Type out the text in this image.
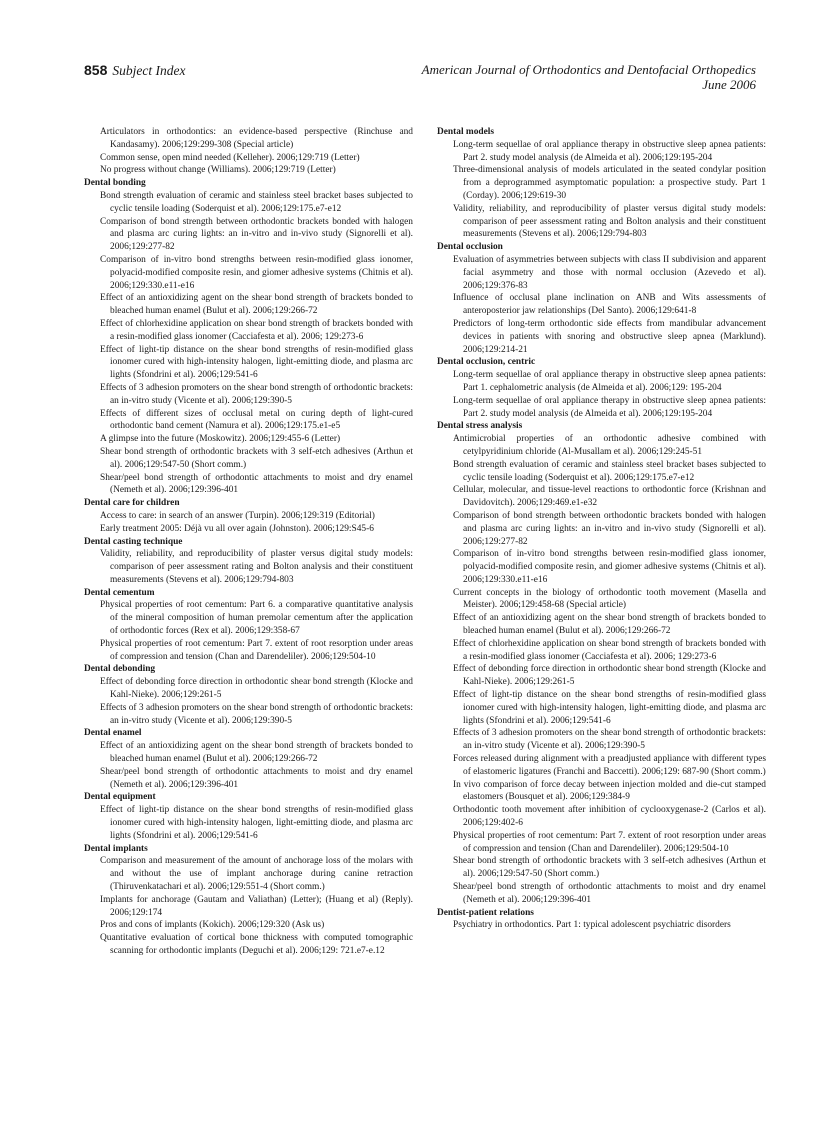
858 Subject Index	American Journal of Orthodontics and Dentofacial Orthopedics
June 2006

Articulators in orthodontics: an evidence-based perspective (Rinchuse and Kandasamy). 2006;129:299-308 (Special article)

Common sense, open mind needed (Kelleher). 2006;129:719 (Letter)

No progress without change (Williams). 2006;129:719 (Letter)

Dental bonding

Bond strength evaluation of ceramic and stainless steel bracket bases subjected to cyclic tensile loading (Soderquist et al). 2006;129:175.e7-e12

Comparison of bond strength between orthodontic brackets bonded with halogen and plasma arc curing lights: an in-vitro and in-vivo study (Signorelli et al). 2006;129:277-82

Comparison of in-vitro bond strengths between resin-modified glass ionomer, polyacid-modified composite resin, and giomer adhesive systems (Chitnis et al). 2006;129:330.e11-e16

Effect of an antioxidizing agent on the shear bond strength of brackets bonded to bleached human enamel (Bulut et al). 2006;129:266-72

Effect of chlorhexidine application on shear bond strength of brackets bonded with a resin-modified glass ionomer (Cacciafesta et al). 2006; 129:273-6

Effect of light-tip distance on the shear bond strengths of resin-modified glass ionomer cured with high-intensity halogen, light-emitting diode, and plasma arc lights (Sfondrini et al). 2006;129:541-6

Effects of 3 adhesion promoters on the shear bond strength of orthodontic brackets: an in-vitro study (Vicente et al). 2006;129:390-5

Effects of different sizes of occlusal metal on curing depth of light-cured orthodontic band cement (Namura et al). 2006;129:175.e1-e5

A glimpse into the future (Moskowitz). 2006;129:455-6 (Letter)

Shear bond strength of orthodontic brackets with 3 self-etch adhesives (Arthun et al). 2006;129:547-50 (Short comm.)

Shear/peel bond strength of orthodontic attachments to moist and dry enamel (Nemeth et al). 2006;129:396-401

Dental care for children

Access to care: in search of an answer (Turpin). 2006;129:319 (Editorial)

Early treatment 2005: Déjà vu all over again (Johnston). 2006;129:S45-6

Dental casting technique

Validity, reliability, and reproducibility of plaster versus digital study models: comparison of peer assessment rating and Bolton analysis and their constituent measurements (Stevens et al). 2006;129:794-803

Dental cementum

Physical properties of root cementum: Part 6. a comparative quantitative analysis of the mineral composition of human premolar cementum after the application of orthodontic forces (Rex et al). 2006;129:358-67

Physical properties of root cementum: Part 7. extent of root resorption under areas of compression and tension (Chan and Darendeliler). 2006;129:504-10

Dental debonding

Effect of debonding force direction in orthodontic shear bond strength (Klocke and Kahl-Nieke). 2006;129:261-5

Effects of 3 adhesion promoters on the shear bond strength of orthodontic brackets: an in-vitro study (Vicente et al). 2006;129:390-5

Dental enamel

Effect of an antioxidizing agent on the shear bond strength of brackets bonded to bleached human enamel (Bulut et al). 2006;129:266-72

Shear/peel bond strength of orthodontic attachments to moist and dry enamel (Nemeth et al). 2006;129:396-401

Dental equipment

Effect of light-tip distance on the shear bond strengths of resin-modified glass ionomer cured with high-intensity halogen, light-emitting diode, and plasma arc lights (Sfondrini et al). 2006;129:541-6

Dental implants

Comparison and measurement of the amount of anchorage loss of the molars with and without the use of implant anchorage during canine retraction (Thiruvenkatachari et al). 2006;129:551-4 (Short comm.)

Implants for anchorage (Gautam and Valiathan) (Letter); (Huang et al) (Reply). 2006;129:174

Pros and cons of implants (Kokich). 2006;129:320 (Ask us)

Quantitative evaluation of cortical bone thickness with computed tomographic scanning for orthodontic implants (Deguchi et al). 2006;129: 721.e7-e.12

Dental models

Long-term sequellae of oral appliance therapy in obstructive sleep apnea patients: Part 2. study model analysis (de Almeida et al). 2006;129:195-204

Three-dimensional analysis of models articulated in the seated condylar position from a deprogrammed asymptomatic population: a prospective study. Part 1 (Corday). 2006;129:619-30

Validity, reliability, and reproducibility of plaster versus digital study models: comparison of peer assessment rating and Bolton analysis and their constituent measurements (Stevens et al). 2006;129:794-803

Dental occlusion

Evaluation of asymmetries between subjects with class II subdivision and apparent facial asymmetry and those with normal occlusion (Azevedo et al). 2006;129:376-83

Influence of occlusal plane inclination on ANB and Wits assessments of anteroposterior jaw relationships (Del Santo). 2006;129:641-8

Predictors of long-term orthodontic side effects from mandibular advancement devices in patients with snoring and obstructive sleep apnea (Marklund). 2006;129:214-21

Dental occlusion, centric

Long-term sequellae of oral appliance therapy in obstructive sleep apnea patients: Part 1. cephalometric analysis (de Almeida et al). 2006;129: 195-204

Long-term sequellae of oral appliance therapy in obstructive sleep apnea patients: Part 2. study model analysis (de Almeida et al). 2006;129:195-204

Dental stress analysis

Antimicrobial properties of an orthodontic adhesive combined with cetylpyridinium chloride (Al-Musallam et al). 2006;129:245-51

Bond strength evaluation of ceramic and stainless steel bracket bases subjected to cyclic tensile loading (Soderquist et al). 2006;129:175.e7-e12

Cellular, molecular, and tissue-level reactions to orthodontic force (Krishnan and Davidovitch). 2006;129:469.e1-e32

Comparison of bond strength between orthodontic brackets bonded with halogen and plasma arc curing lights: an in-vitro and in-vivo study (Signorelli et al). 2006;129:277-82

Comparison of in-vitro bond strengths between resin-modified glass ionomer, polyacid-modified composite resin, and giomer adhesive systems (Chitnis et al). 2006;129:330.e11-e16

Current concepts in the biology of orthodontic tooth movement (Masella and Meister). 2006;129:458-68 (Special article)

Effect of an antioxidizing agent on the shear bond strength of brackets bonded to bleached human enamel (Bulut et al). 2006;129:266-72

Effect of chlorhexidine application on shear bond strength of brackets bonded with a resin-modified glass ionomer (Cacciafesta et al). 2006; 129:273-6

Effect of debonding force direction in orthodontic shear bond strength (Klocke and Kahl-Nieke). 2006;129:261-5

Effect of light-tip distance on the shear bond strengths of resin-modified glass ionomer cured with high-intensity halogen, light-emitting diode, and plasma arc lights (Sfondrini et al). 2006;129:541-6

Effects of 3 adhesion promoters on the shear bond strength of orthodontic brackets: an in-vitro study (Vicente et al). 2006;129:390-5

Forces released during alignment with a preadjusted appliance with different types of elastomeric ligatures (Franchi and Baccetti). 2006;129: 687-90 (Short comm.)

In vivo comparison of force decay between injection molded and die-cut stamped elastomers (Bousquet et al). 2006;129:384-9

Orthodontic tooth movement after inhibition of cyclooxygenase-2 (Carlos et al). 2006;129:402-6

Physical properties of root cementum: Part 7. extent of root resorption under areas of compression and tension (Chan and Darendeliler). 2006;129:504-10

Shear bond strength of orthodontic brackets with 3 self-etch adhesives (Arthun et al). 2006;129:547-50 (Short comm.)

Shear/peel bond strength of orthodontic attachments to moist and dry enamel (Nemeth et al). 2006;129:396-401

Dentist-patient relations

Psychiatry in orthodontics. Part 1: typical adolescent psychiatric disorders
